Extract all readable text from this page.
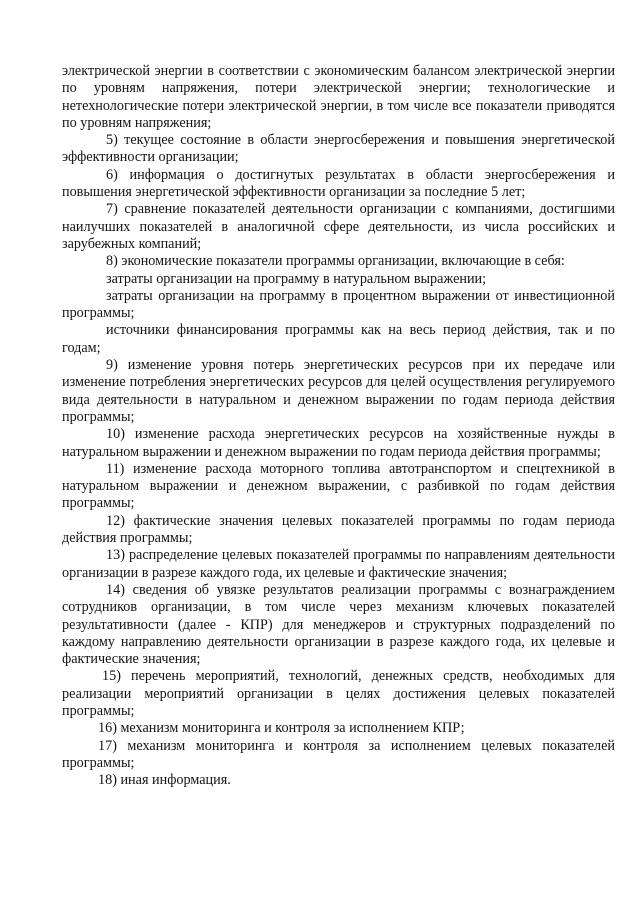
электрической энергии в соответствии с экономическим балансом электрической энергии по уровням напряжения, потери электрической энергии; технологические и нетехнологические потери электрической энергии, в том числе все показатели приводятся по уровням напряжения;

5) текущее состояние в области энергосбережения и повышения энергетической эффективности организации;

6) информация о достигнутых результатах в области энергосбережения и повышения энергетической эффективности организации за последние 5 лет;

7) сравнение показателей деятельности организации с компаниями, достигшими наилучших показателей в аналогичной сфере деятельности, из числа российских и зарубежных компаний;

8) экономические показатели программы организации, включающие в себя:

затраты организации на программу в натуральном выражении;

затраты организации на программу в процентном выражении от инвестиционной программы;

источники финансирования программы как на весь период действия, так и по годам;

9) изменение уровня потерь энергетических ресурсов при их передаче или изменение потребления энергетических ресурсов для целей осуществления регулируемого вида деятельности в натуральном и денежном выражении по годам периода действия программы;

10) изменение расхода энергетических ресурсов на хозяйственные нужды в натуральном выражении и денежном выражении по годам периода действия программы;

11) изменение расхода моторного топлива автотранспортом и спецтехникой в натуральном выражении и денежном выражении, с разбивкой по годам действия программы;

12) фактические значения целевых показателей программы по годам периода действия программы;

13) распределение целевых показателей программы по направлениям деятельности организации в разрезе каждого года, их целевые и фактические значения;

14) сведения об увязке результатов реализации программы с вознаграждением сотрудников организации, в том числе через механизм ключевых показателей результативности (далее - КПР) для менеджеров и структурных подразделений по каждому направлению деятельности организации в разрезе каждого года, их целевые и фактические значения;

15) перечень мероприятий, технологий, денежных средств, необходимых для реализации мероприятий организации в целях достижения целевых показателей программы;

16) механизм мониторинга и контроля за исполнением КПР;

17) механизм мониторинга и контроля за исполнением целевых показателей программы;

18) иная информация.
